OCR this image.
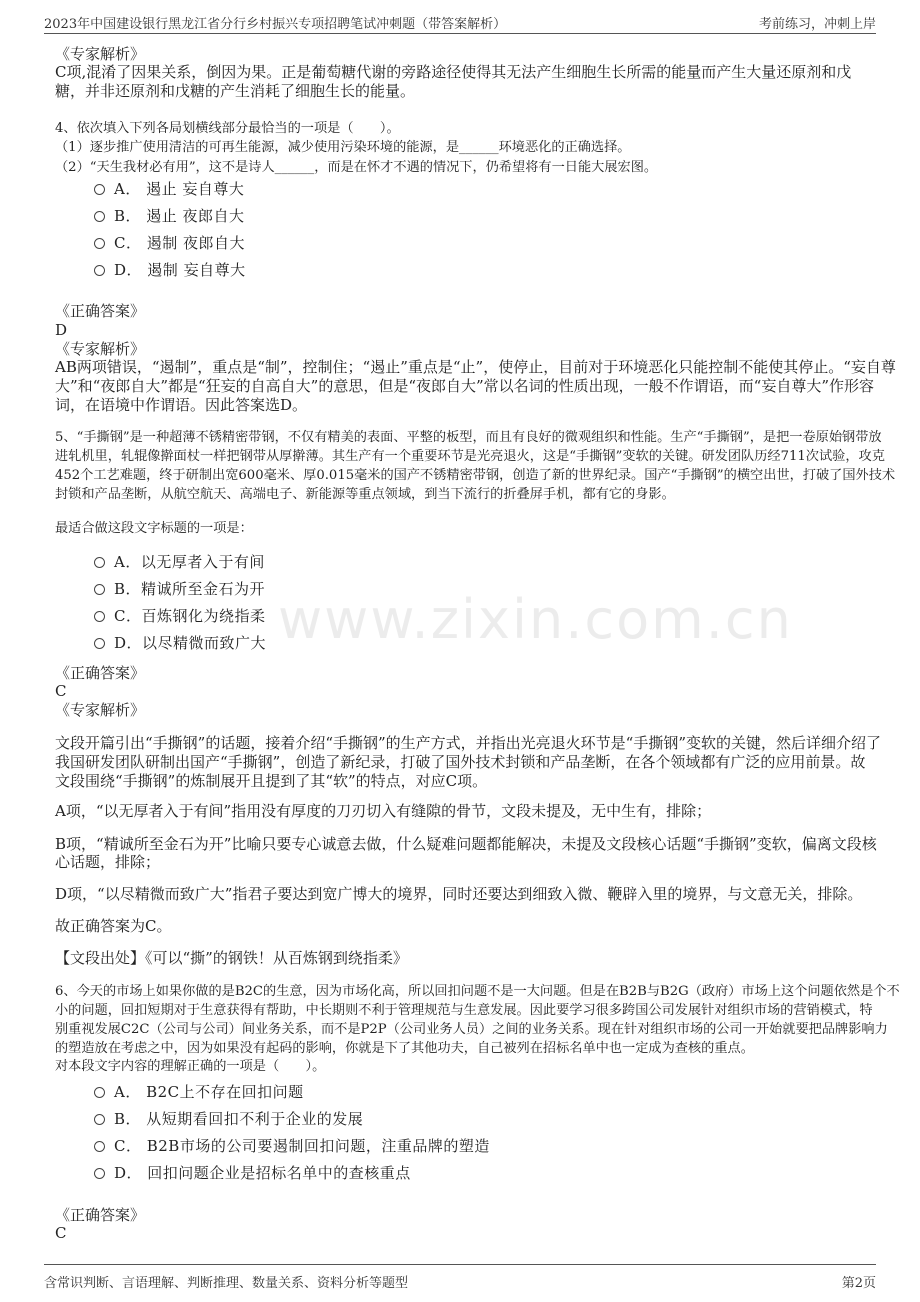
2023年中国建设银行黑龙江省分行乡村振兴专项招聘笔试冲刺题（带答案解析）	考前练习，冲刺上岸
www.zixin.com.cn
《专家解析》
C项,混淆了因果关系，倒因为果。正是葡萄糖代谢的旁路途径使得其无法产生细胞生长所需的能量而产生大量还原剂和戊
糖，并非还原剂和戊糖的产生消耗了细胞生长的能量。
4、依次填入下列各局划横线部分最恰当的一项是（　　）。
（1）逐步推广使用清洁的可再生能源，减少使用污染环境的能源，是______环境恶化的正确选择。
（2）“天生我材必有用”，这不是诗人______，而是在怀才不遇的情况下，仍希望将有一日能大展宏图。
A． 遏止 妄自尊大
B． 遏止 夜郎自大
C． 遏制 夜郎自大
D． 遏制 妄自尊大
《正确答案》
D
《专家解析》
AB两项错误，“遏制”，重点是“制”，控制住；“遏止”重点是“止”，使停止，目前对于环境恶化只能控制不能使其停止。“妄自尊
大”和“夜郎自大”都是“狂妄的自高自大”的意思，但是“夜郎自大”常以名词的性质出现，一般不作谓语，而“妄自尊大”作形容
词，在语境中作谓语。因此答案选D。
5、“手撕钢”是一种超薄不锈精密带钢，不仅有精美的表面、平整的板型，而且有良好的微观组织和性能。生产“手撕钢”，是把一卷原始钢带放
进轧机里，轧辊像擀面杖一样把钢带从厚擀薄。其生产有一个重要环节是光亮退火，这是“手撕钢”变软的关键。研发团队历经711次试验，攻克
452个工艺难题，终于研制出宽600毫米、厚0.015毫米的国产不锈精密带钢，创造了新的世界纪录。国产“手撕钢”的横空出世，打破了国外技术
封锁和产品垄断，从航空航天、高端电子、新能源等重点领域，到当下流行的折叠屏手机，都有它的身影。
最适合做这段文字标题的一项是：
A．以无厚者入于有间
B．精诚所至金石为开
C．百炼钢化为绕指柔
D．以尽精微而致广大
《正确答案》
C
《专家解析》
文段开篇引出“手撕钢”的话题，接着介绍“手撕钢”的生产方式，并指出光亮退火环节是“手撕钢”变软的关键，然后详细介绍了
我国研发团队研制出国产“手撕钢”，创造了新纪录，打破了国外技术封锁和产品垄断，在各个领域都有广泛的应用前景。故
文段围绕“手撕钢”的炼制展开且提到了其“软”的特点，对应C项。
A项，“以无厚者入于有间”指用没有厚度的刀刃切入有缝隙的骨节，文段未提及，无中生有，排除；
B项，“精诚所至金石为开”比喻只要专心诚意去做，什么疑难问题都能解决，未提及文段核心话题“手撕钢”变软，偏离文段核
心话题，排除；
D项，“以尽精微而致广大”指君子要达到宽广博大的境界，同时还要达到细致入微、鞭辟入里的境界，与文意无关，排除。
故正确答案为C。
【文段出处】《可以“撕”的钢铁！从百炼钢到绕指柔》
6、今天的市场上如果你做的是B2C的生意，因为市场化高，所以回扣问题不是一大问题。但是在B2B与B2G（政府）市场上这个问题依然是个不
小的问题，回扣短期对于生意获得有帮助，中长期则不利于管理规范与生意发展。因此要学习很多跨国公司发展针对组织市场的营销模式，特
别重视发展C2C（公司与公司）间业务关系，而不是P2P（公司业务人员）之间的业务关系。现在针对组织市场的公司一开始就要把品牌影响力
的塑造放在考虑之中，因为如果没有起码的影响，你就是下了其他功夫，自己被列在招标名单中也一定成为查核的重点。
对本段文字内容的理解正确的一项是（　　）。
A． B2C上不存在回扣问题
B． 从短期看回扣不利于企业的发展
C． B2B市场的公司要遏制回扣问题，注重品牌的塑造
D． 回扣问题企业是招标名单中的查核重点
《正确答案》
C
含常识判断、言语理解、判断推理、数量关系、资料分析等题型	第2页
